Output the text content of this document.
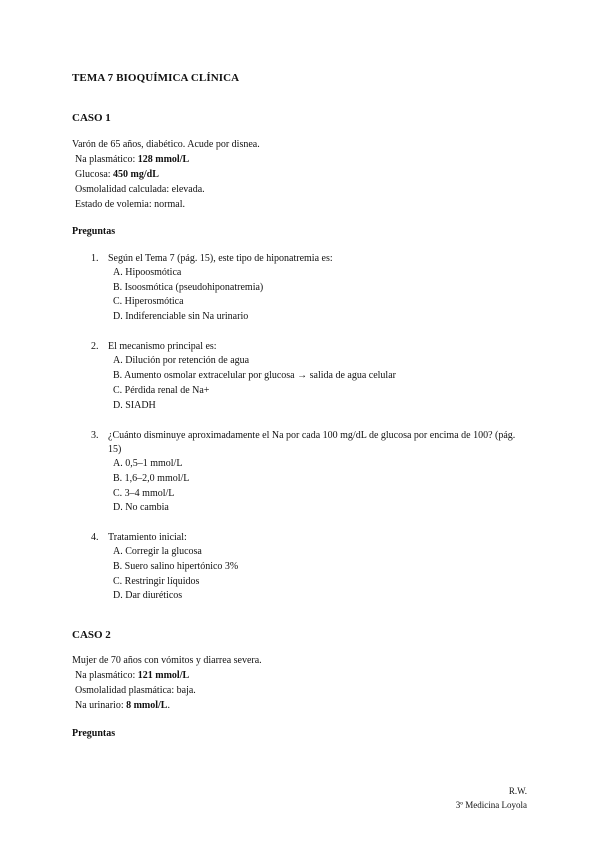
TEMA 7 BIOQUÍMICA CLÍNICA
CASO 1
Varón de 65 años, diabético. Acude por disnea.
Na plasmático: 128 mmol/L
Glucosa: 450 mg/dL
Osmolalidad calculada: elevada.
Estado de volemia: normal.
Preguntas
1. Según el Tema 7 (pág. 15), este tipo de hiponatremia es:
A. Hipoosmótica
B. Isoosmótica (pseudohiponatremia)
C. Hiperosmótica
D. Indiferenciable sin Na urinario
2. El mecanismo principal es:
A. Dilución por retención de agua
B. Aumento osmolar extracelular por glucosa → salida de agua celular
C. Pérdida renal de Na+
D. SIADH
3. ¿Cuánto disminuye aproximadamente el Na por cada 100 mg/dL de glucosa por encima de 100? (pág. 15)
A. 0,5–1 mmol/L
B. 1,6–2,0 mmol/L
C. 3–4 mmol/L
D. No cambia
4. Tratamiento inicial:
A. Corregir la glucosa
B. Suero salino hipertónico 3%
C. Restringir líquidos
D. Dar diuréticos
CASO 2
Mujer de 70 años con vómitos y diarrea severa.
Na plasmático: 121 mmol/L
Osmolalidad plasmática: baja.
Na urinario: 8 mmol/L.
Preguntas
R.W.
3º Medicina Loyola
